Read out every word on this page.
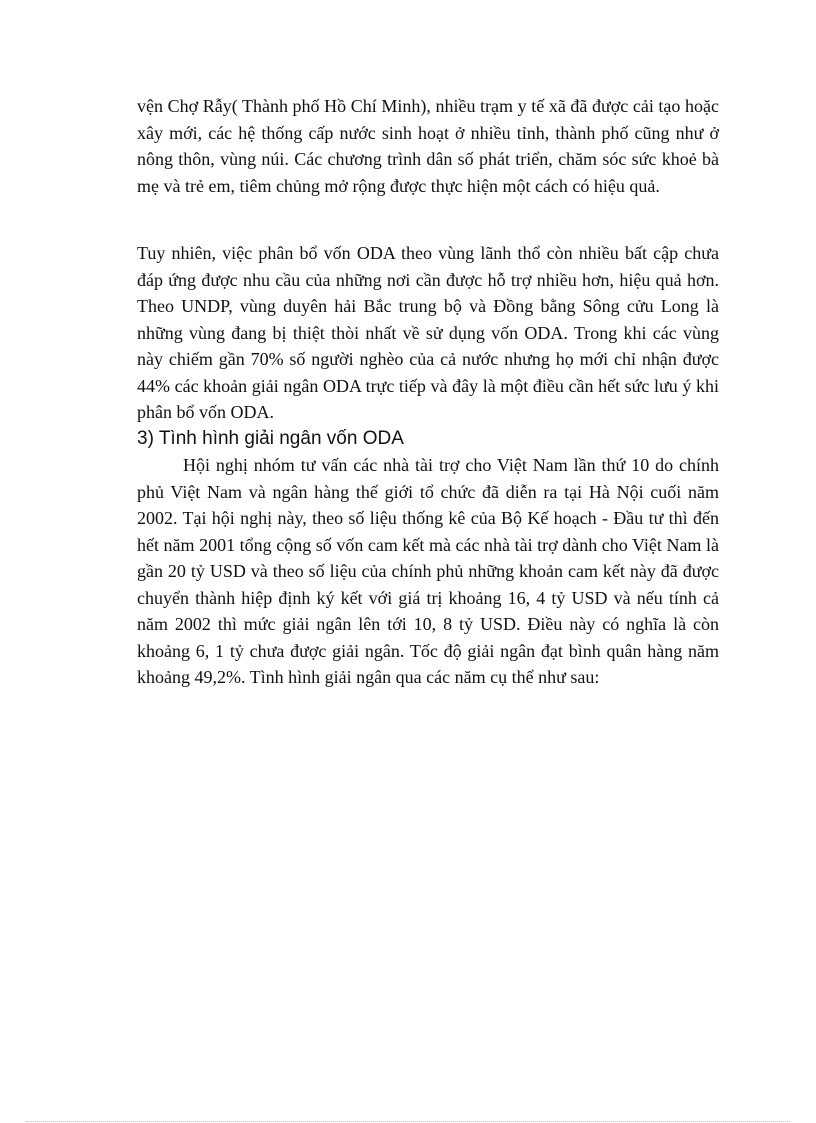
vện Chợ Rẫy( Thành phố Hồ Chí Minh), nhiều trạm y tế xã đã được cải tạo hoặc xây mới, các hệ thống cấp nước sinh hoạt ở nhiều tỉnh, thành phố cũng như ở nông thôn, vùng núi. Các chương trình dân số phát triển, chăm sóc sức khoẻ bà mẹ và trẻ em, tiêm chủng mở rộng được thực hiện một cách có hiệu quả.

Tuy nhiên, việc phân bổ vốn ODA theo vùng lãnh thổ còn nhiều bất cập chưa đáp ứng được nhu cầu của những nơi cần được hỗ trợ nhiều hơn, hiệu quả hơn. Theo UNDP, vùng duyên hải Bắc trung bộ và Đồng bằng Sông cửu Long là những vùng đang bị thiệt thòi nhất về sử dụng vốn ODA. Trong khi các vùng này chiếm gần 70% số người nghèo của cả nước nhưng họ mới chỉ nhận được 44% các khoản giải ngân ODA trực tiếp và đây là một điều cần hết sức lưu ý khi phân bổ vốn ODA.

3) Tình hình giải ngân vốn ODA

Hội nghị nhóm tư vấn các nhà tài trợ cho Việt Nam lần thứ 10 do chính phủ Việt Nam và ngân hàng thế giới tổ chức đã diễn ra tại Hà Nội cuối năm 2002. Tại hội nghị này, theo số liệu thống kê của Bộ Kế hoạch - Đầu tư thì đến hết năm 2001 tổng cộng số vốn cam kết mà các nhà tài trợ dành cho Việt Nam là gần 20 tỷ USD và theo số liệu của chính phủ những khoản cam kết này đã được chuyển thành hiệp định ký kết với giá trị khoảng 16, 4 tỷ USD và nếu tính cả năm 2002 thì mức giải ngân lên tới 10, 8 tỷ USD. Điều này có nghĩa là còn khoảng 6, 1 tỷ chưa được giải ngân. Tốc độ giải ngân đạt bình quân hàng năm khoảng 49,2%. Tình hình giải ngân qua các năm cụ thể như sau:
